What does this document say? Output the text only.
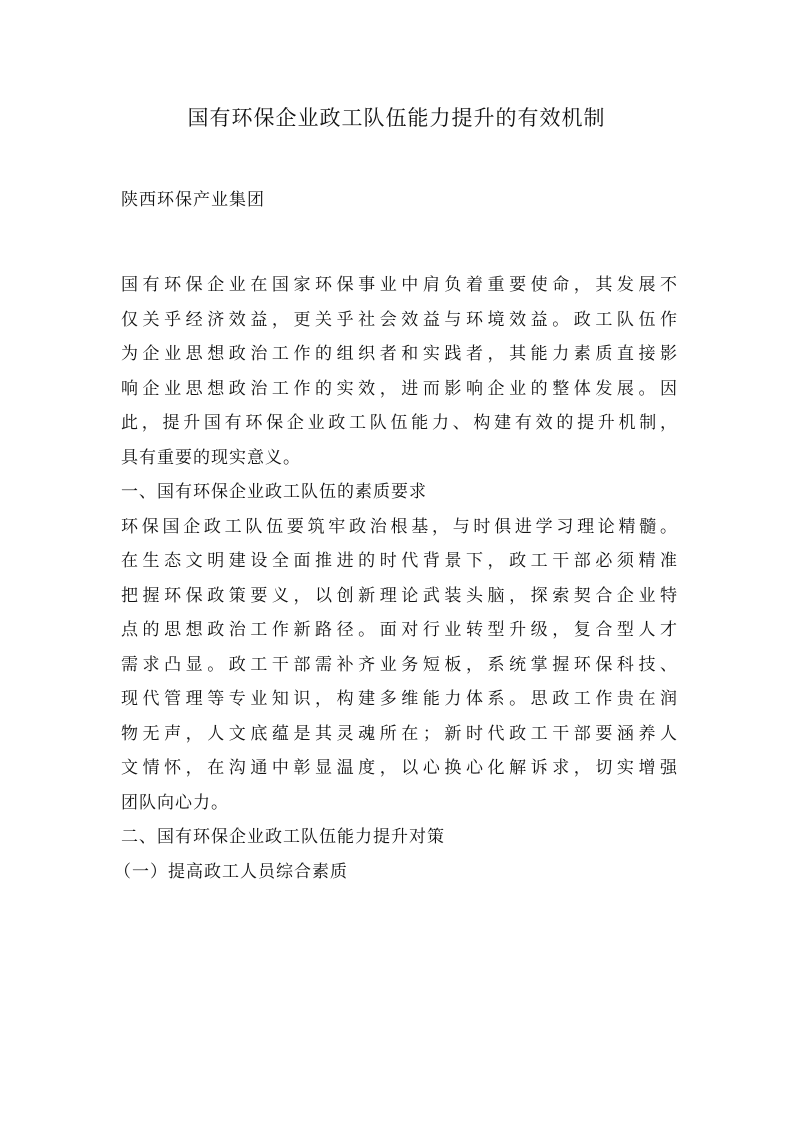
国有环保企业政工队伍能力提升的有效机制
陕西环保产业集团
国有环保企业在国家环保事业中肩负着重要使命，其发展不
仅关乎经济效益，更关乎社会效益与环境效益。政工队伍作
为企业思想政治工作的组织者和实践者，其能力素质直接影
响企业思想政治工作的实效，进而影响企业的整体发展。因
此，提升国有环保企业政工队伍能力、构建有效的提升机制，
具有重要的现实意义。
一、国有环保企业政工队伍的素质要求
环保国企政工队伍要筑牢政治根基，与时俱进学习理论精髓。
在生态文明建设全面推进的时代背景下，政工干部必须精准
把握环保政策要义，以创新理论武装头脑，探索契合企业特
点的思想政治工作新路径。面对行业转型升级，复合型人才
需求凸显。政工干部需补齐业务短板，系统掌握环保科技、
现代管理等专业知识，构建多维能力体系。思政工作贵在润
物无声，人文底蕴是其灵魂所在；新时代政工干部要涵养人
文情怀，在沟通中彰显温度，以心换心化解诉求，切实增强
团队向心力。
二、国有环保企业政工队伍能力提升对策
（一）提高政工人员综合素质
